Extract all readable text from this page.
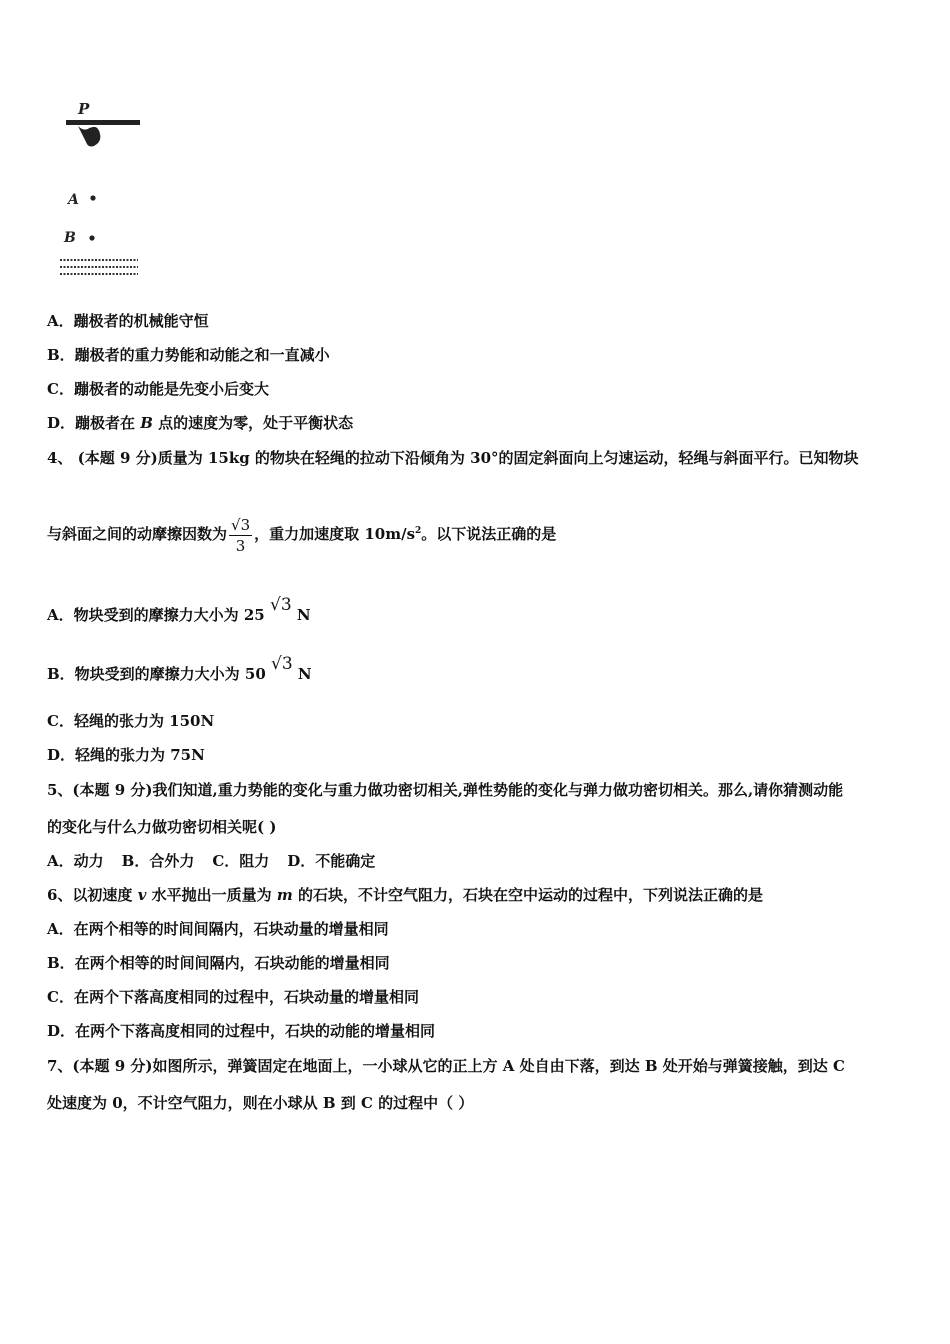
P
A
B
A．蹦极者的机械能守恒
B．蹦极者的重力势能和动能之和一直减小
C．蹦极者的动能是先变小后变大
D．蹦极者在 B 点的速度为零，处于平衡状态
4、 (本题 9 分)质量为 15kg 的物块在轻绳的拉动下沿倾角为 30°的固定斜面向上匀速运动，轻绳与斜面平行。已知物块
与斜面之间的动摩擦因数为 $\frac{√3}{3}$ ，重力加速度取 $10m/s^2$。以下说法正确的是
A．物块受到的摩擦力大小为 25 √3 N
B．物块受到的摩擦力大小为 50 √3 N
C．轻绳的张力为 150N
D．轻绳的张力为 75N
5、(本题 9 分)我们知道,重力势能的变化与重力做功密切相关,弹性势能的变化与弹力做功密切相关。那么,请你猜测动能
的变化与什么力做功密切相关呢( )
A．动力 B．合外力 C．阻力 D．不能确定
6、以初速度 v 水平抛出一质量为 m 的石块，不计空气阻力，石块在空中运动的过程中，下列说法正确的是
A．在两个相等的时间间隔内，石块动量的增量相同
B．在两个相等的时间间隔内，石块动能的增量相同
C．在两个下落高度相同的过程中，石块动量的增量相同
D．在两个下落高度相同的过程中，石块的动能的增量相同
7、(本题 9 分)如图所示，弹簧固定在地面上，一小球从它的正上方 A 处自由下落，到达 B 处开始与弹簧接触，到达 C
处速度为 0，不计空气阻力，则在小球从 B 到 C 的过程中（ ）
